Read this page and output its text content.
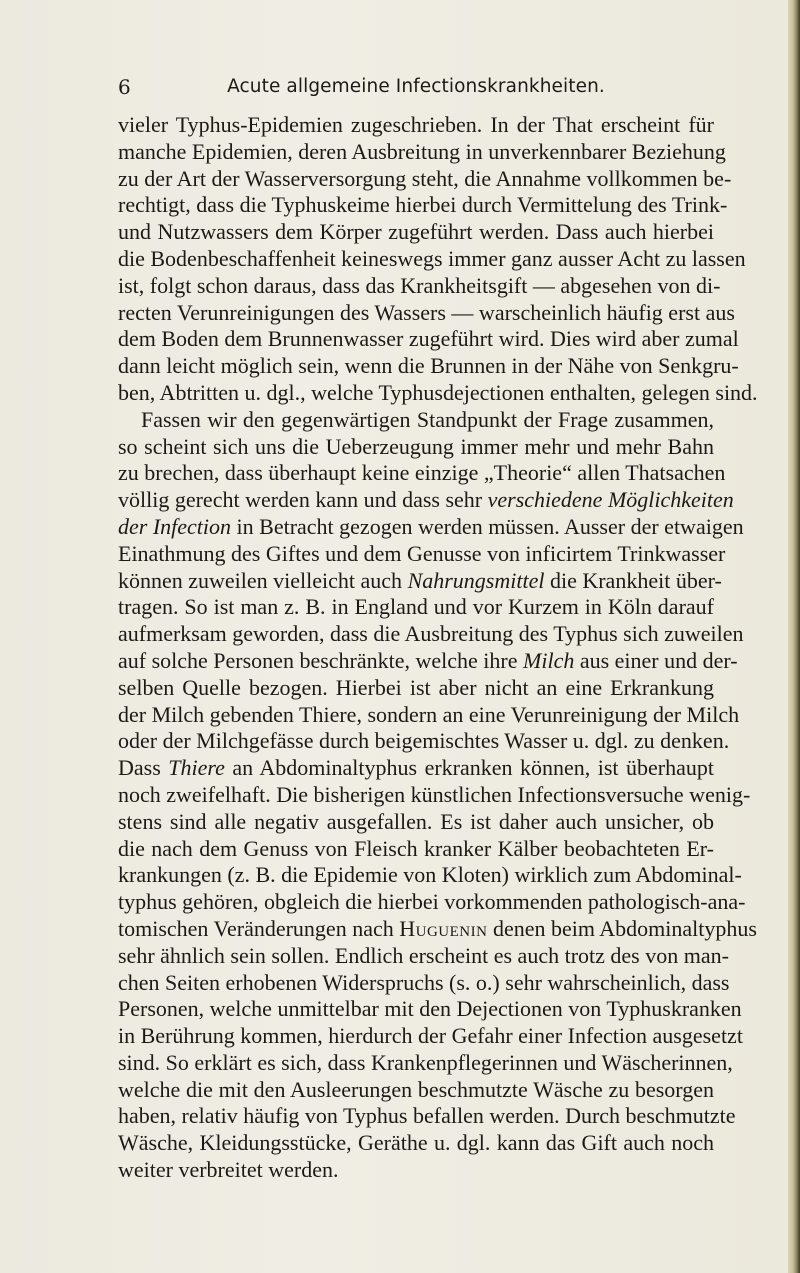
6	Acute allgemeine Infectionskrankheiten.
vieler Typhus-Epidemien zugeschrieben. In der That erscheint für
manche Epidemien, deren Ausbreitung in unverkennbarer Beziehung
zu der Art der Wasserversorgung steht, die Annahme vollkommen be-
rechtigt, dass die Typhuskeime hierbei durch Vermittelung des Trink-
und Nutzwassers dem Körper zugeführt werden. Dass auch hierbei
die Bodenbeschaffenheit keineswegs immer ganz ausser Acht zu lassen
ist, folgt schon daraus, dass das Krankheitsgift — abgesehen von di-
recten Verunreinigungen des Wassers — warscheinlich häufig erst aus
dem Boden dem Brunnenwasser zugeführt wird. Dies wird aber zumal
dann leicht möglich sein, wenn die Brunnen in der Nähe von Senkgru-
ben, Abtritten u. dgl., welche Typhusdejectionen enthalten, gelegen sind.
Fassen wir den gegenwärtigen Standpunkt der Frage zusammen,
so scheint sich uns die Ueberzeugung immer mehr und mehr Bahn
zu brechen, dass überhaupt keine einzige „Theorie“ allen Thatsachen
völlig gerecht werden kann und dass sehr verschiedene Möglichkeiten
der Infection in Betracht gezogen werden müssen. Ausser der etwaigen
Einathmung des Giftes und dem Genusse von inficirtem Trinkwasser
können zuweilen vielleicht auch Nahrungsmittel die Krankheit über-
tragen. So ist man z. B. in England und vor Kurzem in Köln darauf
aufmerksam geworden, dass die Ausbreitung des Typhus sich zuweilen
auf solche Personen beschränkte, welche ihre Milch aus einer und der-
selben Quelle bezogen. Hierbei ist aber nicht an eine Erkrankung
der Milch gebenden Thiere, sondern an eine Verunreinigung der Milch
oder der Milchgefässe durch beigemischtes Wasser u. dgl. zu denken.
Dass Thiere an Abdominaltyphus erkranken können, ist überhaupt
noch zweifelhaft. Die bisherigen künstlichen Infectionsversuche wenig-
stens sind alle negativ ausgefallen. Es ist daher auch unsicher, ob
die nach dem Genuss von Fleisch kranker Kälber beobachteten Er-
krankungen (z. B. die Epidemie von Kloten) wirklich zum Abdominal-
typhus gehören, obgleich die hierbei vorkommenden pathologisch-ana-
tomischen Veränderungen nach Huguenin denen beim Abdominaltyphus
sehr ähnlich sein sollen. Endlich erscheint es auch trotz des von man-
chen Seiten erhobenen Widerspruchs (s. o.) sehr wahrscheinlich, dass
Personen, welche unmittelbar mit den Dejectionen von Typhuskranken
in Berührung kommen, hierdurch der Gefahr einer Infection ausgesetzt
sind. So erklärt es sich, dass Krankenpflegerinnen und Wäscherinnen,
welche die mit den Ausleerungen beschmutzte Wäsche zu besorgen
haben, relativ häufig von Typhus befallen werden. Durch beschmutzte
Wäsche, Kleidungsstücke, Geräthe u. dgl. kann das Gift auch noch
weiter verbreitet werden.
